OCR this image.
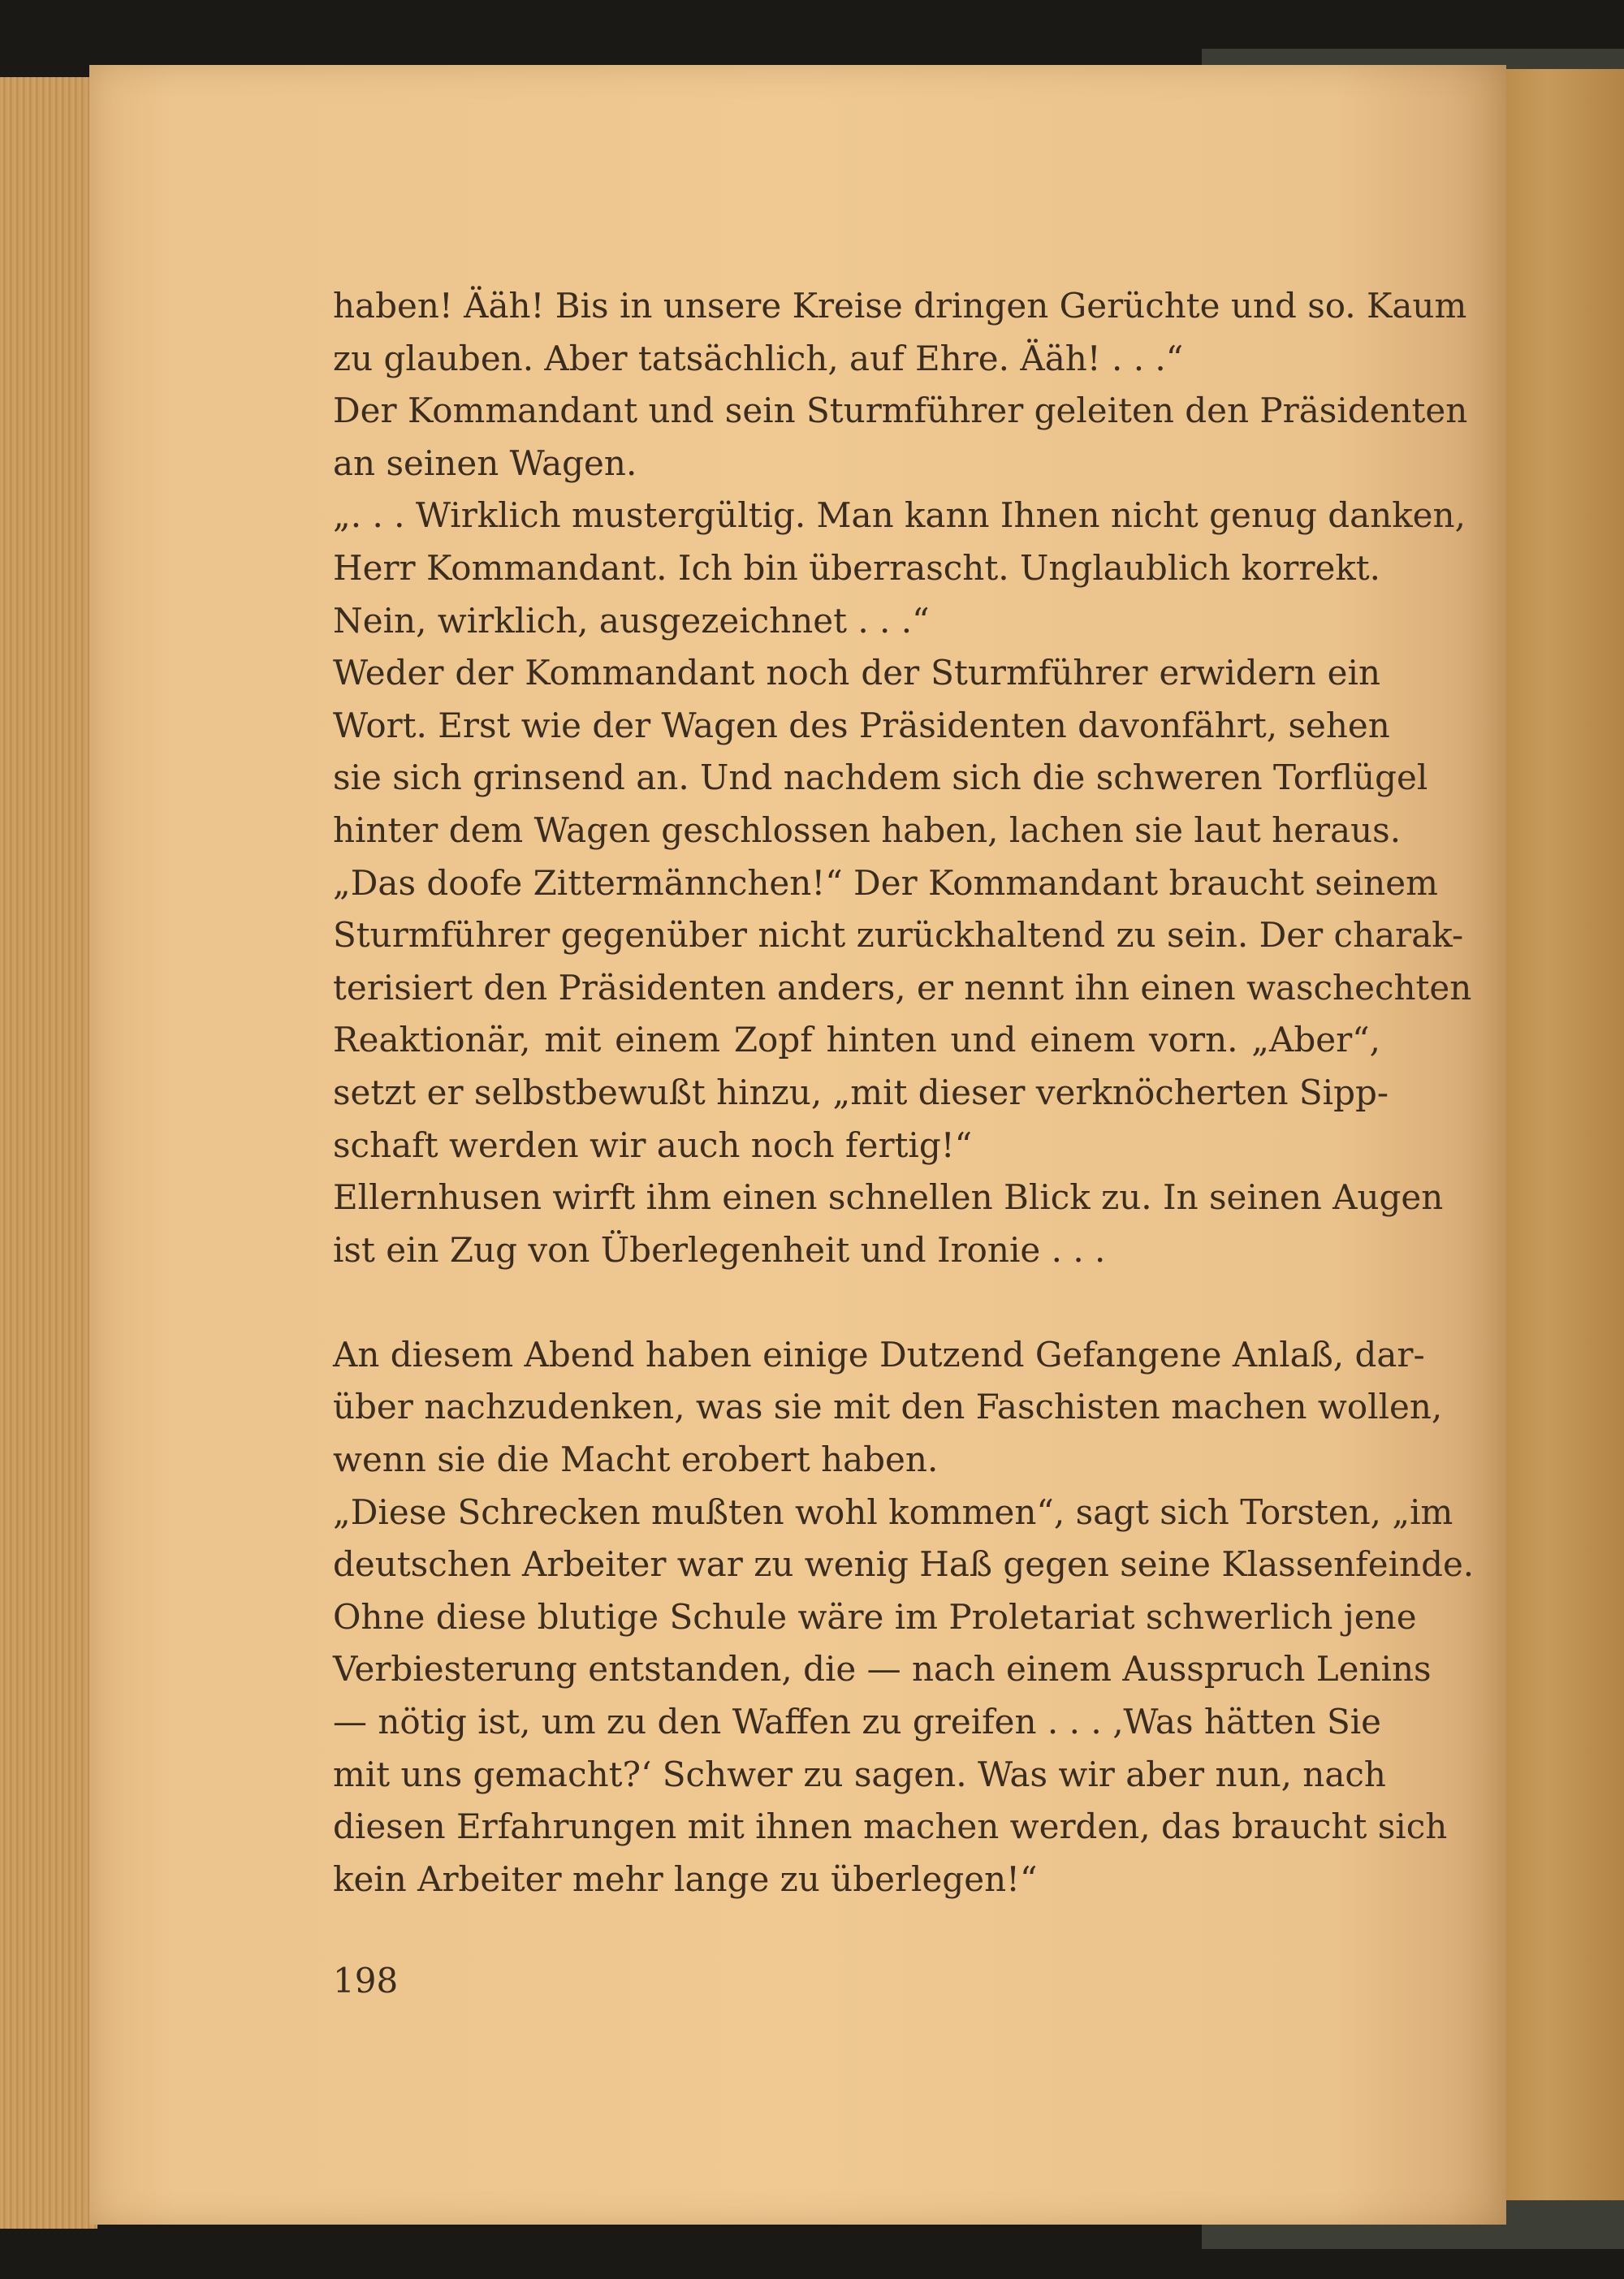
haben! Ääh! Bis in unsere Kreise dringen Gerüchte und so. Kaum
zu glauben. Aber tatsächlich, auf Ehre. Ääh! . . .“
Der Kommandant und sein Sturmführer geleiten den Präsidenten
an seinen Wagen.
„. . . Wirklich mustergültig. Man kann Ihnen nicht genug danken,
Herr Kommandant. Ich bin überrascht. Unglaublich korrekt.
Nein, wirklich, ausgezeichnet . . .“
Weder der Kommandant noch der Sturmführer erwidern ein
Wort. Erst wie der Wagen des Präsidenten davonfährt, sehen
sie sich grinsend an. Und nachdem sich die schweren Torflügel
hinter dem Wagen geschlossen haben, lachen sie laut heraus.
„Das doofe Zittermännchen!“ Der Kommandant braucht seinem
Sturmführer gegenüber nicht zurückhaltend zu sein. Der charak-
terisiert den Präsidenten anders, er nennt ihn einen waschechten
Reaktionär, mit einem Zopf hinten und einem vorn. „Aber“,
setzt er selbstbewußt hinzu, „mit dieser verknöcherten Sipp-
schaft werden wir auch noch fertig!“
Ellernhusen wirft ihm einen schnellen Blick zu. In seinen Augen
ist ein Zug von Überlegenheit und Ironie . . .
An diesem Abend haben einige Dutzend Gefangene Anlaß, dar-
über nachzudenken, was sie mit den Faschisten machen wollen,
wenn sie die Macht erobert haben.
„Diese Schrecken mußten wohl kommen“, sagt sich Torsten, „im
deutschen Arbeiter war zu wenig Haß gegen seine Klassenfeinde.
Ohne diese blutige Schule wäre im Proletariat schwerlich jene
Verbiesterung entstanden, die — nach einem Ausspruch Lenins
— nötig ist, um zu den Waffen zu greifen . . . ‚Was hätten Sie
mit uns gemacht?‘ Schwer zu sagen. Was wir aber nun, nach
diesen Erfahrungen mit ihnen machen werden, das braucht sich
kein Arbeiter mehr lange zu überlegen!“
198
